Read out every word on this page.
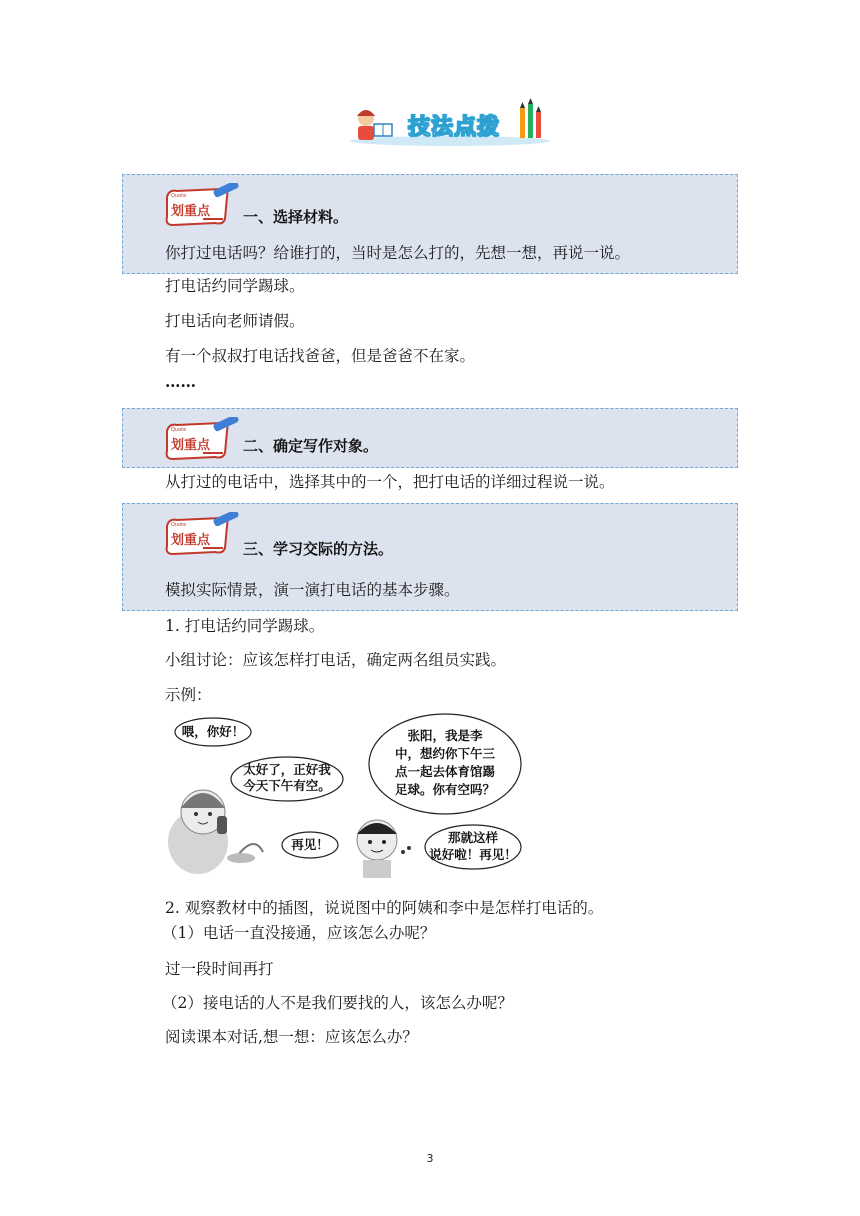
技法点拨
Quote
划重点 一、选择材料。
你打过电话吗？给谁打的，当时是怎么打的，先想一想，再说一说。
打电话约同学踢球。
打电话向老师请假。
有一个叔叔打电话找爸爸，但是爸爸不在家。
……
Quote
划重点 二、确定写作对象。
从打过的电话中，选择其中的一个，把打电话的详细过程说一说。
Quote
划重点 三、学习交际的方法。
模拟实际情景，演一演打电话的基本步骤。
1. 打电话约同学踢球。
小组讨论：应该怎样打电话，确定两名组员实践。
示例：
喂，你好！
太好了，正好我
今天下午有空。
再见！
张阳，我是李
中，想约你下午三
点一起去体育馆踢
足球。你有空吗？
那就这样
说好啦！再见！
2. 观察教材中的插图，说说图中的阿姨和李中是怎样打电话的。
（1）电话一直没接通，应该怎么办呢？
过一段时间再打
（2）接电话的人不是我们要找的人，该怎么办呢？
阅读课本对话,想一想：应该怎么办？
3
